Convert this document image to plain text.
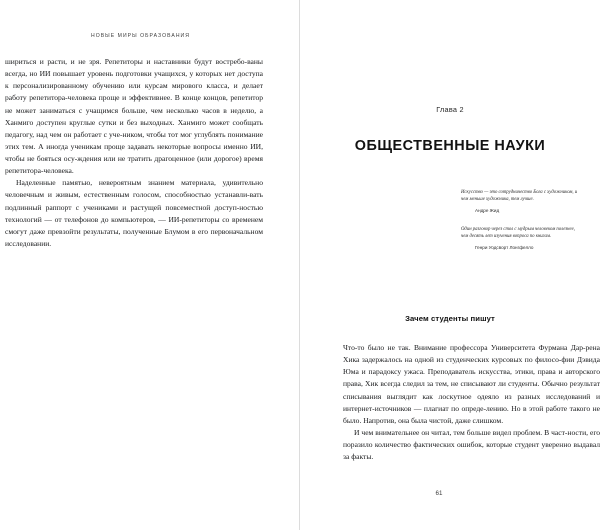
НОВЫЕ МИРЫ ОБРАЗОВАНИЯ

шириться и расти, и не зря. Репетиторы и наставники будут востребо-ваны всегда, но ИИ повышает уровень подготовки учащихся, у которых нет доступа к персонализированному обучению или курсам мирового класса, и делает работу репетитора-человека проще и эффективнее. В конце концов, репетитор не может заниматься с учащимся больше, чем несколько часов в неделю, а Ханмиго доступен круглые сутки и без выходных. Ханмиго может сообщать педагогу, над чем он работает с уче-ником, чтобы тот мог углублять понимание этих тем. А иногда ученикам проще задавать некоторые вопросы именно ИИ, чтобы не бояться осу-ждения или не тратить драгоценное (или дорогое) время репетитора-человека.

Наделенные памятью, невероятным знанием материала, удивительно человечным и живым, естественным голосом, способностью устанавли-вать подлинный раппорт с учениками и растущей повсеместной доступ-ностью технологий — от телефонов до компьютеров, — ИИ-репетиторы со временем смогут даже превзойти результаты, полученные Блумом в его первоначальном исследовании.

Глава 2
ОБЩЕСТВЕННЫЕ НАУКИ

Искусство — это сотрудничество Бога с художником, и чем меньше художника, тем лучше.

Андре Жид

Один разговор через стол с мудрым человеком полезнее, чем десять лет изучения вопроса по книгам.

Генри Уодсворт Лонгфелло

Зачем студенты пишут

Что-то было не так. Внимание профессора Университета Фурмана Дар-рена Хика задержалось на одной из студенческих курсовых по филосо-фии Дэвида Юма и парадоксу ужаса. Преподаватель искусства, этики, права и авторского права, Хик всегда следил за тем, не списывают ли студенты. Обычно результат списывания выглядит как лоскутное одеяло из разных исследований и интернет-источников — плагиат по опреде-лению. Но в этой работе такого не было. Напротив, она была чистой, даже слишком.

И чем внимательнее он читал, тем больше видел проблем. В част-ности, его поразило количество фактических ошибок, которые студент уверенно выдавал за факты.

61
